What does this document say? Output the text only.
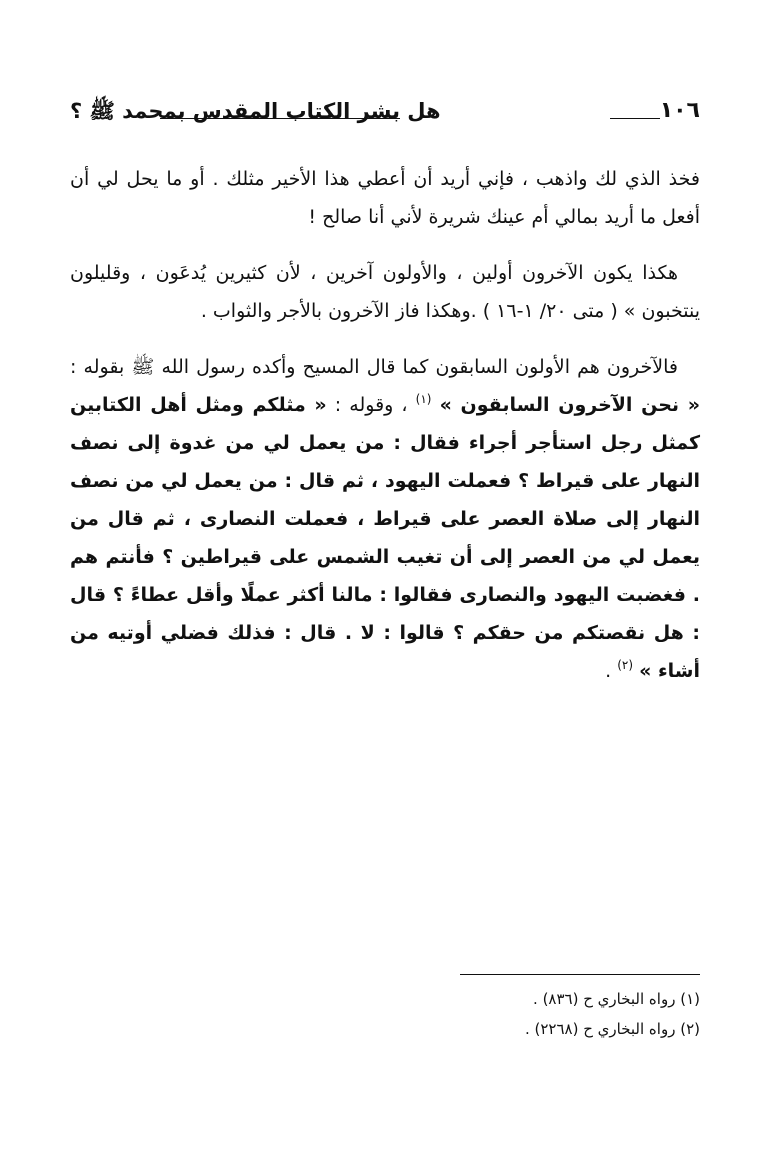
١٠٦
هل بشر الكتاب المقدس بمحمد ﷺ ؟

فخذ الذي لك واذهب ، فإني أريد أن أعطي هذا الأخير مثلك . أو ما يحل لي أن أفعل ما أريد بمالي أم عينك شريرة لأني أنا صالح !

هكذا يكون الآخرون أولين ، والأولون آخرين ، لأن كثيرين يُدعَون ، وقليلون ينتخبون » ( متى ٢٠/ ١-١٦ ) .وهكذا فاز الآخرون بالأجر والثواب .

فالآخرون هم الأولون السابقون كما قال المسيح وأكده رسول الله ﷺ بقوله : « نحن الآخرون السابقون » $^{(١)}$ ، وقوله : « مثلكم ومثل أهل الكتابين كمثل رجل استأجر أجراء فقال : من يعمل لي من غدوة إلى نصف النهار على قيراط ؟ فعملت اليهود ، ثم قال : من يعمل لي من نصف النهار إلى صلاة العصر على قيراط ، فعملت النصارى ، ثم قال من يعمل لي من العصر إلى أن تغيب الشمس على قيراطين ؟ فأنتم هم . فغضبت اليهود والنصارى فقالوا : مالنا أكثر عملًا وأقل عطاءً ؟ قال : هل نقصتكم من حقكم ؟ قالوا : لا . قال : فذلك فضلي أوتيه من أشاء » $^{(٢)}$ .

(١) رواه البخاري ح (٨٣٦) .
(٢) رواه البخاري ح (٢٢٦٨) .
